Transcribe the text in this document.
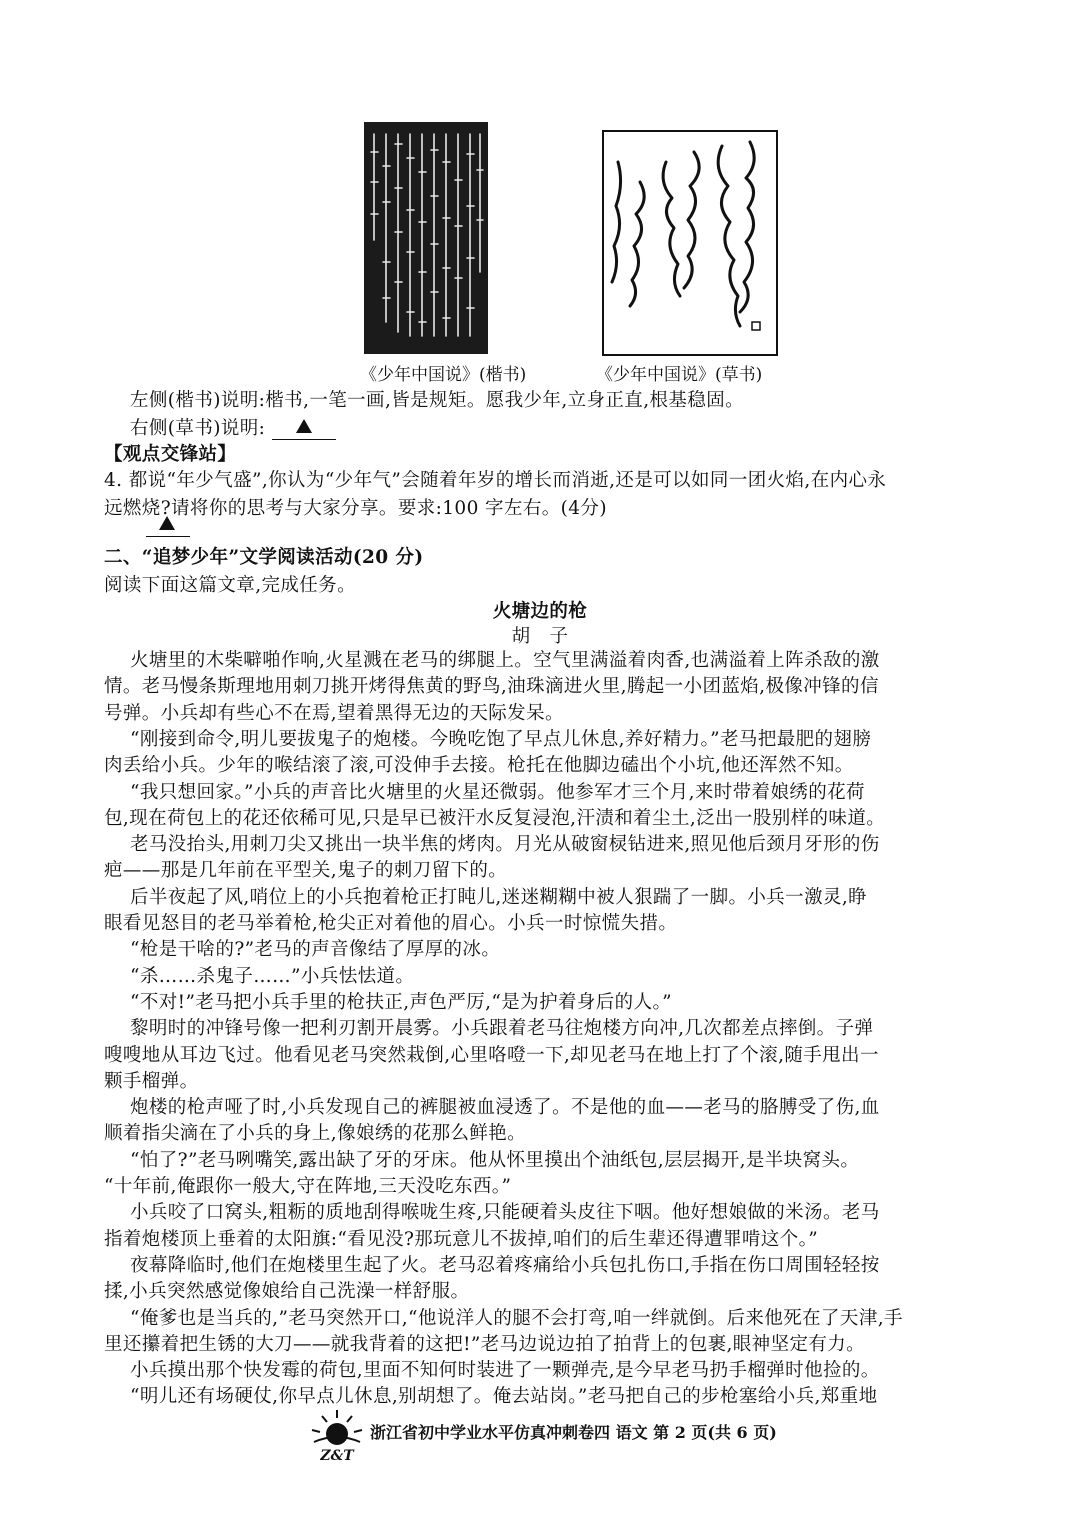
《少年中国说》(楷书)	《少年中国说》(草书)
左侧(楷书)说明:楷书,一笔一画,皆是规矩。愿我少年,立身正直,根基稳固。
右侧(草书)说明:
【观点交锋站】
4. 都说“年少气盛”,你认为“少年气”会随着年岁的增长而消逝,还是可以如同一团火焰,在内心永
远燃烧?请将你的思考与大家分享。要求:100 字左右。(4分)
二、“追梦少年”文学阅读活动(20 分)
阅读下面这篇文章,完成任务。
火塘边的枪
胡　子
火塘里的木柴噼啪作响,火星溅在老马的绑腿上。空气里满溢着肉香,也满溢着上阵杀敌的激
情。老马慢条斯理地用刺刀挑开烤得焦黄的野鸟,油珠滴进火里,腾起一小团蓝焰,极像冲锋的信
号弹。小兵却有些心不在焉,望着黑得无边的天际发呆。
“刚接到命令,明儿要拔鬼子的炮楼。今晚吃饱了早点儿休息,养好精力。”老马把最肥的翅膀
肉丢给小兵。少年的喉结滚了滚,可没伸手去接。枪托在他脚边磕出个小坑,他还浑然不知。
“我只想回家。”小兵的声音比火塘里的火星还微弱。他参军才三个月,来时带着娘绣的花荷
包,现在荷包上的花还依稀可见,只是早已被汗水反复浸泡,汗渍和着尘土,泛出一股别样的味道。
老马没抬头,用刺刀尖又挑出一块半焦的烤肉。月光从破窗棂钻进来,照见他后颈月牙形的伤
疤——那是几年前在平型关,鬼子的刺刀留下的。
后半夜起了风,哨位上的小兵抱着枪正打盹儿,迷迷糊糊中被人狠踹了一脚。小兵一激灵,睁
眼看见怒目的老马举着枪,枪尖正对着他的眉心。小兵一时惊慌失措。
“枪是干啥的?”老马的声音像结了厚厚的冰。
“杀……杀鬼子……”小兵怯怯道。
“不对!”老马把小兵手里的枪扶正,声色严厉,“是为护着身后的人。”
黎明时的冲锋号像一把利刃割开晨雾。小兵跟着老马往炮楼方向冲,几次都差点摔倒。子弹
嗖嗖地从耳边飞过。他看见老马突然栽倒,心里咯噔一下,却见老马在地上打了个滚,随手甩出一
颗手榴弹。
炮楼的枪声哑了时,小兵发现自己的裤腿被血浸透了。不是他的血——老马的胳膊受了伤,血
顺着指尖滴在了小兵的身上,像娘绣的花那么鲜艳。
“怕了?”老马咧嘴笑,露出缺了牙的牙床。他从怀里摸出个油纸包,层层揭开,是半块窝头。
“十年前,俺跟你一般大,守在阵地,三天没吃东西。”
小兵咬了口窝头,粗粝的质地刮得喉咙生疼,只能硬着头皮往下咽。他好想娘做的米汤。老马
指着炮楼顶上垂着的太阳旗:“看见没?那玩意儿不拔掉,咱们的后生辈还得遭罪啃这个。”
夜幕降临时,他们在炮楼里生起了火。老马忍着疼痛给小兵包扎伤口,手指在伤口周围轻轻按
揉,小兵突然感觉像娘给自己洗澡一样舒服。
“俺爹也是当兵的,”老马突然开口,“他说洋人的腿不会打弯,咱一绊就倒。后来他死在了天津,手
里还攥着把生锈的大刀——就我背着的这把!”老马边说边拍了拍背上的包裹,眼神坚定有力。
小兵摸出那个快发霉的荷包,里面不知何时装进了一颗弹壳,是今早老马扔手榴弹时他捡的。
“明儿还有场硬仗,你早点儿休息,别胡想了。俺去站岗。”老马把自己的步枪塞给小兵,郑重地
Z&T
浙江省初中学业水平仿真冲刺卷四 语文 第 2 页(共 6 页)
